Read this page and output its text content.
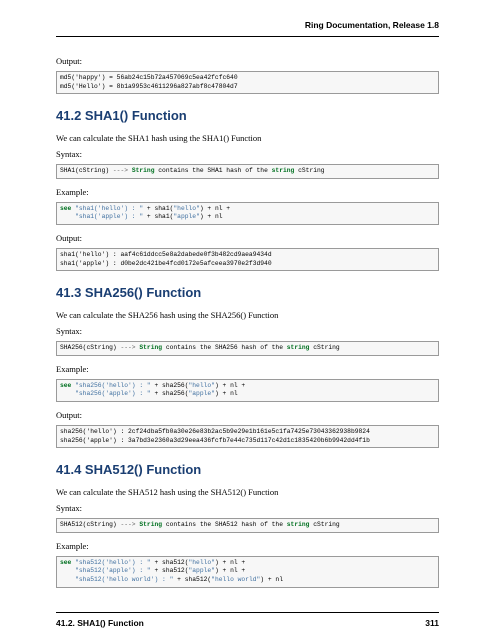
Ring Documentation, Release 1.8

Output:

md5('happy') = 56ab24c15b72a457069c5ea42fcfc640
md5('Hello') = 8b1a9953c4611296a827abf8c47804d7
41.2 SHA1() Function

We can calculate the SHA1 hash using the SHA1() Function

Syntax:

SHA1(cString) ---> String contains the SHA1 hash of the string cString

Example:

see "sha1('hello') : " + sha1("hello") + nl +
"sha1('apple') : " + sha1("apple") + nl

Output:

sha1('hello') : aaf4c61ddcc5e8a2dabede0f3b482cd9aea9434d
sha1('apple') : d0be2dc421be4fcd0172e5afceea3970e2f3d940
41.3 SHA256() Function

We can calculate the SHA256 hash using the SHA256() Function

Syntax:

SHA256(cString) ---> String contains the SHA256 hash of the string cString

Example:

see "sha256('hello') : " + sha256("hello") + nl +
"sha256('apple') : " + sha256("apple") + nl

Output:

sha256('hello') : 2cf24dba5fb0a30e26e83b2ac5b9e29e1b161e5c1fa7425e73043362938b9824
sha256('apple') : 3a7bd3e2360a3d29eea436fcfb7e44c735d117c42d1c1835420b6b9942dd4f1b
41.4 SHA512() Function

We can calculate the SHA512 hash using the SHA512() Function

Syntax:

SHA512(cString) ---> String contains the SHA512 hash of the string cString

Example:

see "sha512('hello') : " + sha512("hello") + nl +
"sha512('apple') : " + sha512("apple") + nl +
"sha512('hello world') : " + sha512("hello world") + nl
41.2. SHA1() Function	311
